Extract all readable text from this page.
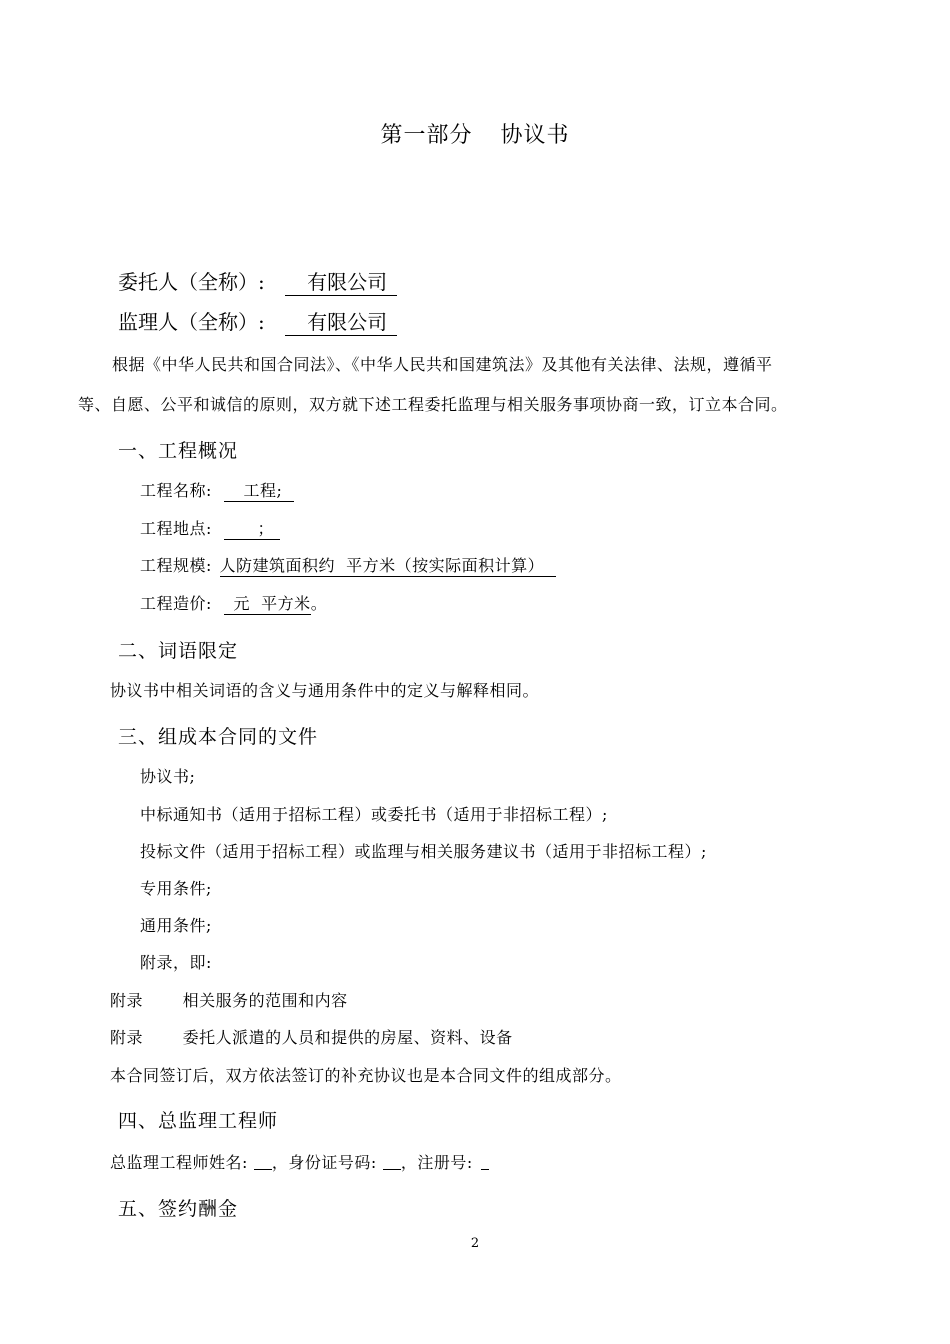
第一部分 协议书
委托人（全称）: 有限公司
监理人（全称）: 有限公司
根据《中华人民共和国合同法》、《中华人民共和国建筑法》及其他有关法律、法规，遵循平
等、自愿、公平和诚信的原则，双方就下述工程委托监理与相关服务事项协商一致，订立本合同。
一、工程概况
工程名称: 工程;
工程地点:	；
工程规模: 人防建筑面积约  平方米（按实际面积计算）
工程造价: 元  平方米。
二、词语限定
协议书中相关词语的含义与通用条件中的定义与解释相同。
三、组成本合同的文件
协议书;
中标通知书（适用于招标工程）或委托书（适用于非招标工程）;
投标文件（适用于招标工程）或监理与相关服务建议书（适用于非招标工程）;
专用条件;
通用条件;
附录，即:
附录 相关服务的范围和内容
附录 委托人派遣的人员和提供的房屋、资料、设备
本合同签订后，双方依法签订的补充协议也是本合同文件的组成部分。
四、总监理工程师
总监理工程师姓名: ，身份证号码: ，注册号:
五、签约酬金
2
